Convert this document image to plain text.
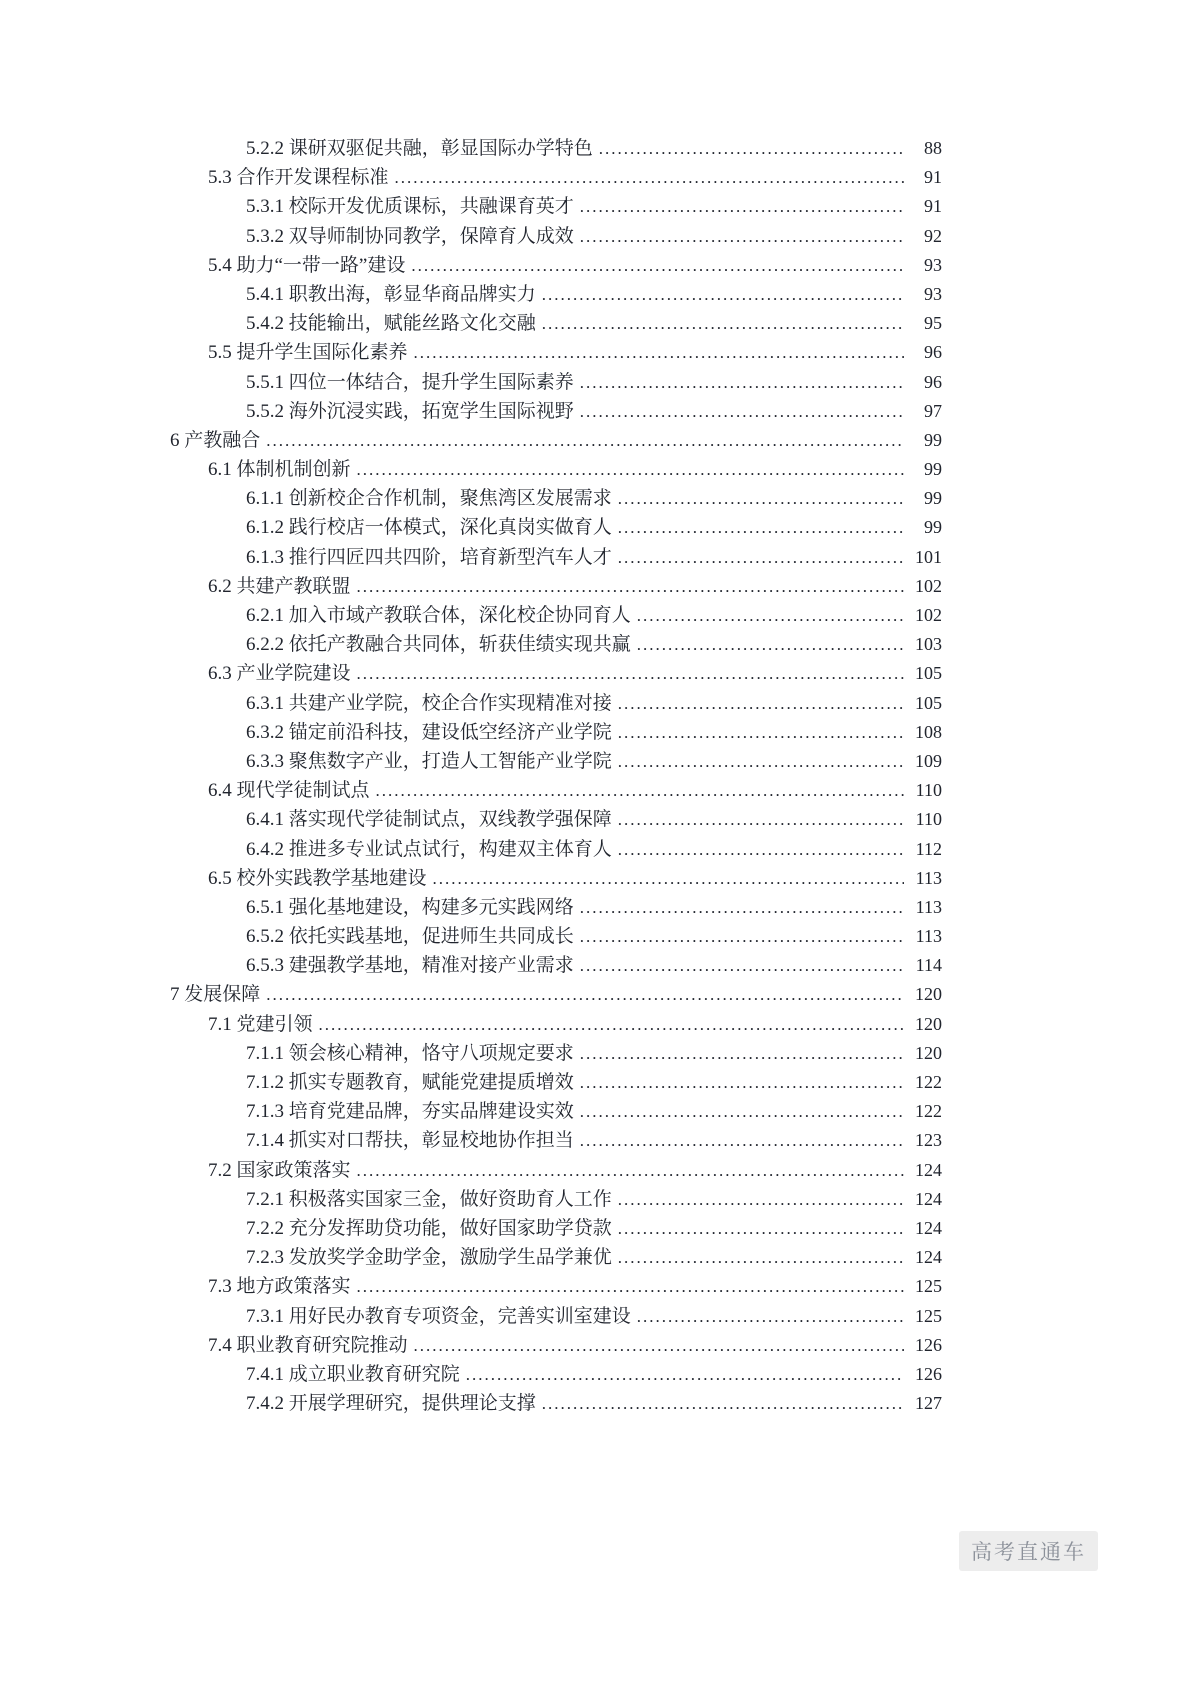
5.2.2 课研双驱促共融，彰显国际办学特色 .....	88
5.3 合作开发课程标准 .....	91
5.3.1 校际开发优质课标，共融课育英才 .....	91
5.3.2 双导师制协同教学，保障育人成效 .....	92
5.4 助力“一带一路”建设 .....	93
5.4.1 职教出海，彰显华商品牌实力 .....	93
5.4.2 技能输出，赋能丝路文化交融 .....	95
5.5 提升学生国际化素养 .....	96
5.5.1 四位一体结合，提升学生国际素养 .....	96
5.5.2 海外沉浸实践，拓宽学生国际视野 .....	97
6 产教融合 .....	99
6.1 体制机制创新 .....	99
6.1.1 创新校企合作机制，聚焦湾区发展需求 .....	99
6.1.2 践行校店一体模式，深化真岗实做育人 .....	99
6.1.3 推行四匠四共四阶，培育新型汽车人才 .....	101
6.2 共建产教联盟 .....	102
6.2.1 加入市域产教联合体，深化校企协同育人 .....	102
6.2.2 依托产教融合共同体，斩获佳绩实现共赢 .....	103
6.3 产业学院建设 .....	105
6.3.1 共建产业学院，校企合作实现精准对接 .....	105
6.3.2 锚定前沿科技，建设低空经济产业学院 .....	108
6.3.3 聚焦数字产业，打造人工智能产业学院 .....	109
6.4 现代学徒制试点 .....	110
6.4.1 落实现代学徒制试点，双线教学强保障 .....	110
6.4.2 推进多专业试点试行，构建双主体育人 .....	112
6.5 校外实践教学基地建设 .....	113
6.5.1 强化基地建设，构建多元实践网络 .....	113
6.5.2 依托实践基地，促进师生共同成长 .....	113
6.5.3 建强教学基地，精准对接产业需求 .....	114
7 发展保障 .....	120
7.1 党建引领 .....	120
7.1.1 领会核心精神，恪守八项规定要求 .....	120
7.1.2 抓实专题教育，赋能党建提质增效 .....	122
7.1.3 培育党建品牌，夯实品牌建设实效 .....	122
7.1.4 抓实对口帮扶，彰显校地协作担当 .....	123
7.2 国家政策落实 .....	124
7.2.1 积极落实国家三金，做好资助育人工作 .....	124
7.2.2 充分发挥助贷功能，做好国家助学贷款 .....	124
7.2.3 发放奖学金助学金，激励学生品学兼优 .....	124
7.3 地方政策落实 .....	125
7.3.1 用好民办教育专项资金，完善实训室建设 .....	125
7.4 职业教育研究院推动 .....	126
7.4.1 成立职业教育研究院 .....	126
7.4.2 开展学理研究，提供理论支撑 .....	127
高考直通车
